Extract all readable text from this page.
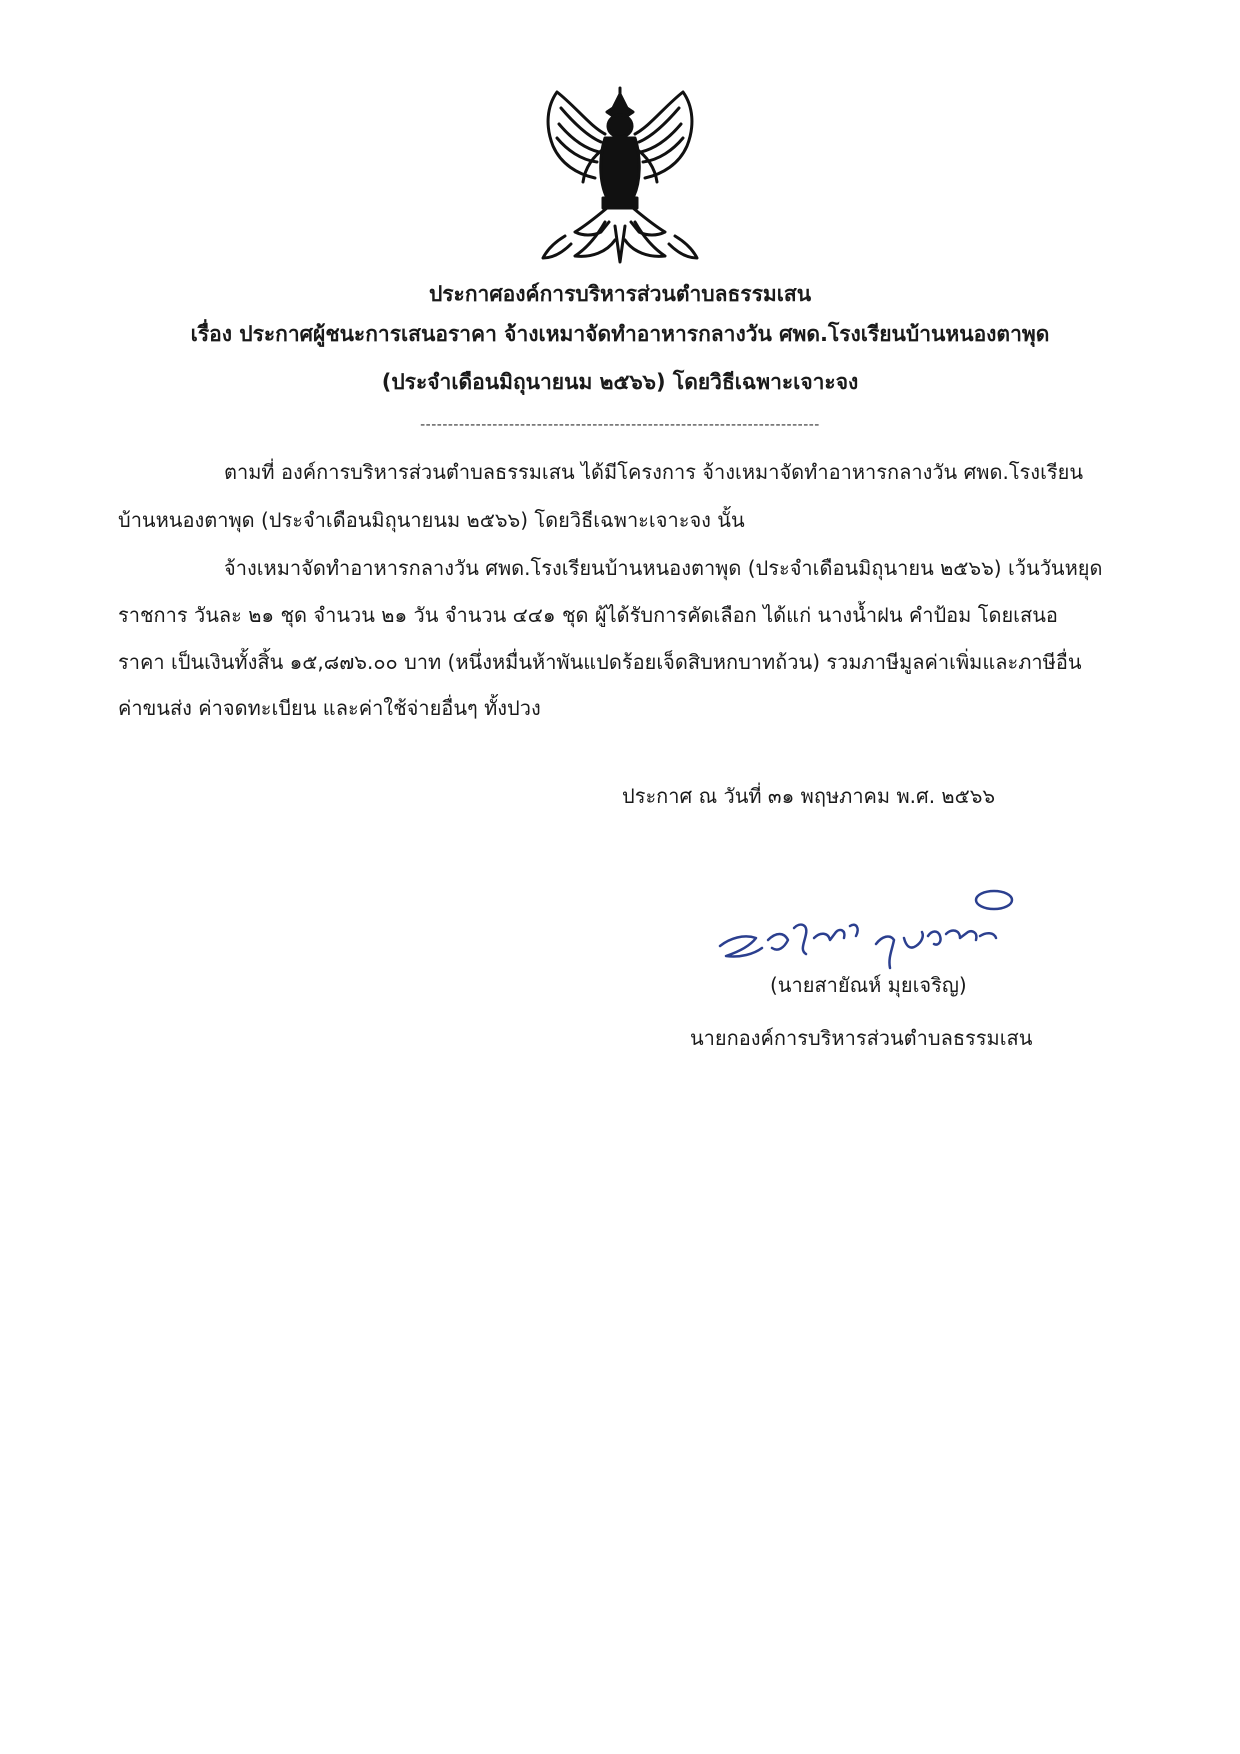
ประกาศองค์การบริหารส่วนตำบลธรรมเสน
เรื่อง ประกาศผู้ชนะการเสนอราคา จ้างเหมาจัดทำอาหารกลางวัน ศพด.โรงเรียนบ้านหนองตาพุด
(ประจำเดือนมิถุนายนม ๒๕๖๖) โดยวิธีเฉพาะเจาะจง
------------------------------------------------------------------------
ตามที่ องค์การบริหารส่วนตำบลธรรมเสน ได้มีโครงการ จ้างเหมาจัดทำอาหารกลางวัน ศพด.โรงเรียน
บ้านหนองตาพุด (ประจำเดือนมิถุนายนม ๒๕๖๖) โดยวิธีเฉพาะเจาะจง นั้น
จ้างเหมาจัดทำอาหารกลางวัน ศพด.โรงเรียนบ้านหนองตาพุด (ประจำเดือนมิถุนายน ๒๕๖๖) เว้นวันหยุด
ราชการ วันละ ๒๑ ชุด จำนวน ๒๑ วัน จำนวน ๔๔๑ ชุด ผู้ได้รับการคัดเลือก ได้แก่ นางน้ำฝน คำป้อม โดยเสนอ
ราคา เป็นเงินทั้งสิ้น ๑๕,๘๗๖.๐๐ บาท (หนึ่งหมื่นห้าพันแปดร้อยเจ็ดสิบหกบาทถ้วน) รวมภาษีมูลค่าเพิ่มและภาษีอื่น
ค่าขนส่ง ค่าจดทะเบียน และค่าใช้จ่ายอื่นๆ ทั้งปวง
ประกาศ ณ วันที่ ๓๑ พฤษภาคม พ.ศ. ๒๕๖๖
(นายสายัณห์ มุยเจริญ)
นายกองค์การบริหารส่วนตำบลธรรมเสน
